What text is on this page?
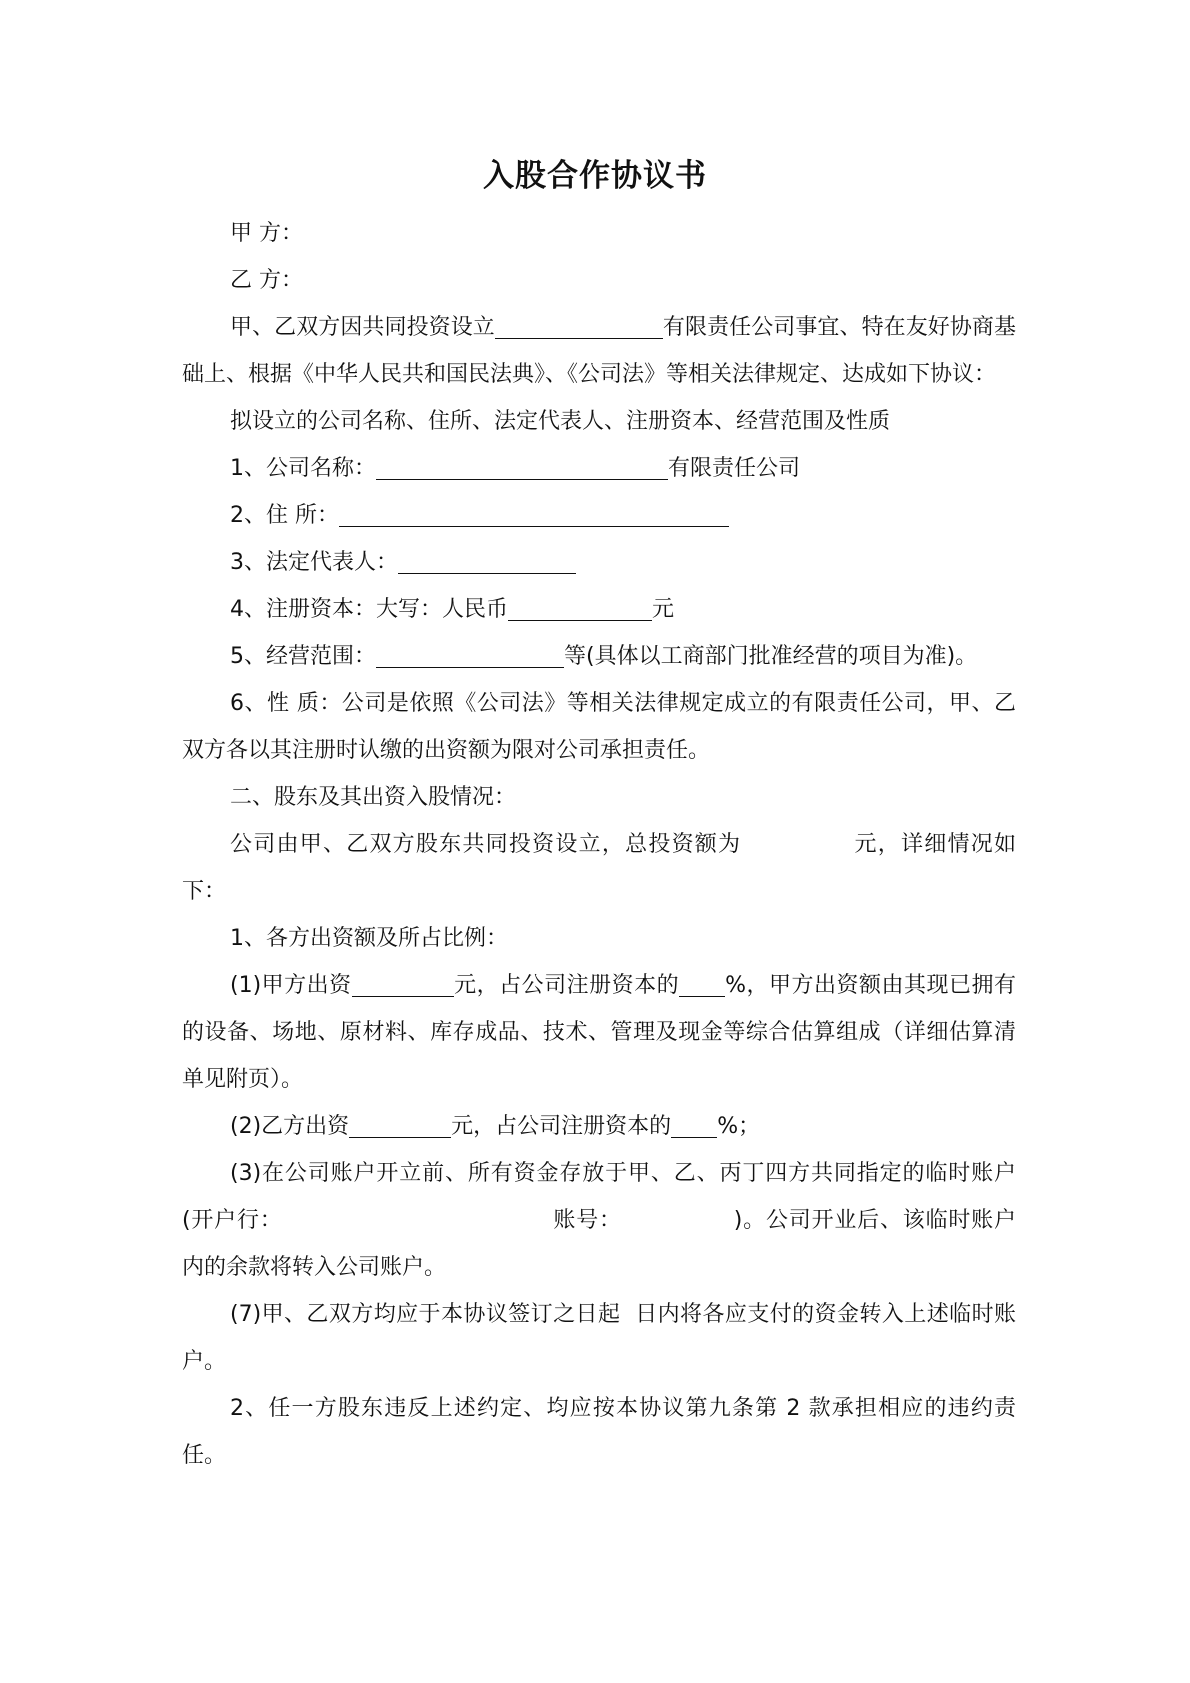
入股合作协议书

甲 方：

乙 方：

甲、乙双方因共同投资设立	有限责任公司事宜、特在友好协商基础上、根据《中华人民共和国民法典》、《公司法》等相关法律规定、达成如下协议：

拟设立的公司名称、住所、法定代表人、注册资本、经营范围及性质

1、公司名称：	有限责任公司

2、住 所：

3、法定代表人：

4、注册资本：大写：人民币	元

5、经营范围：	等(具体以工商部门批准经营的项目为准)。

6、性 质：公司是依照《公司法》等相关法律规定成立的有限责任公司，甲、乙双方各以其注册时认缴的出资额为限对公司承担责任。

二、股东及其出资入股情况：

公司由甲、乙双方股东共同投资设立，总投资额为	元，详细情况如下：

1、各方出资额及所占比例：

(1)甲方出资	元，占公司注册资本的 %，甲方出资额由其现已拥有的设备、场地、原材料、库存成品、技术、管理及现金等综合估算组成（详细估算清单见附页）。

(2)乙方出资	元，占公司注册资本的 %；

(3)在公司账户开立前、所有资金存放于甲、乙、丙丁四方共同指定的临时账户(开户行：	账号：	)。公司开业后、该临时账户内的余款将转入公司账户。

(7)甲、乙双方均应于本协议签订之日起  日内将各应支付的资金转入上述临时账户。

2、任一方股东违反上述约定、均应按本协议第九条第 2 款承担相应的违约责任。
